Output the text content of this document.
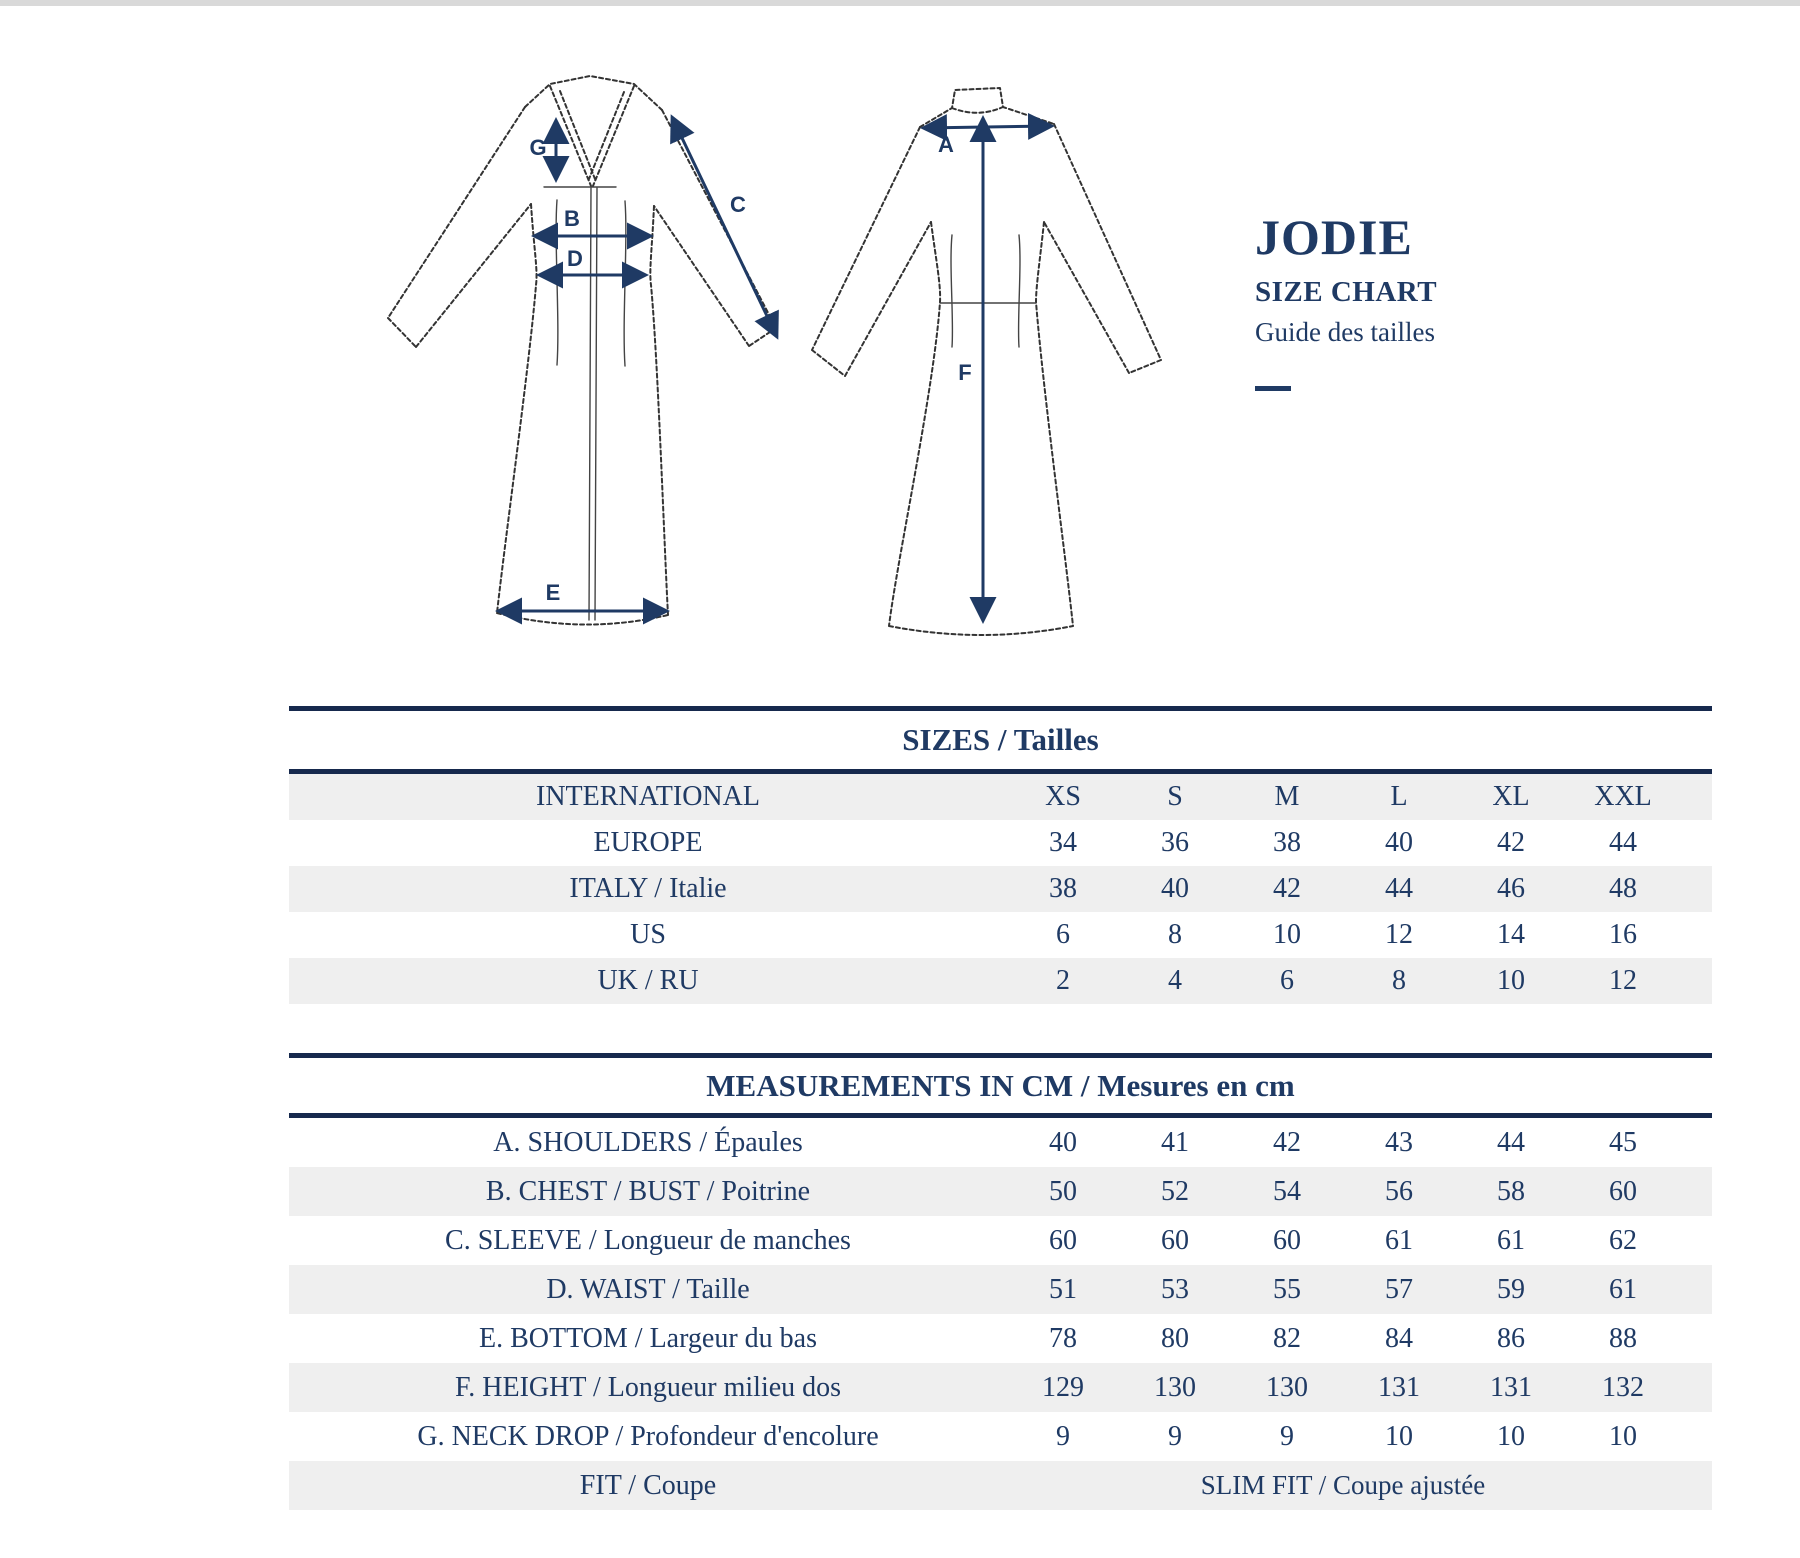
G
B
D
C
E
A
F
JODIE
SIZE CHART
Guide des tailles
SIZES / Tailles
INTERNATIONAL	XS	S	M	L	XL	XXL
EUROPE	34	36	38	40	42	44
ITALY / Italie	38	40	42	44	46	48
US	6	8	10	12	14	16
UK / RU	2	4	6	8	10	12
MEASUREMENTS IN CM / Mesures en cm
A. SHOULDERS / Épaules	40	41	42	43	44	45
B. CHEST / BUST / Poitrine	50	52	54	56	58	60
C. SLEEVE / Longueur de manches	60	60	60	61	61	62
D. WAIST / Taille	51	53	55	57	59	61
E. BOTTOM / Largeur du bas	78	80	82	84	86	88
F. HEIGHT / Longueur milieu dos	129	130	130	131	131	132
G. NECK DROP / Profondeur d'encolure	9	9	9	10	10	10
FIT / Coupe	SLIM FIT / Coupe ajustée
